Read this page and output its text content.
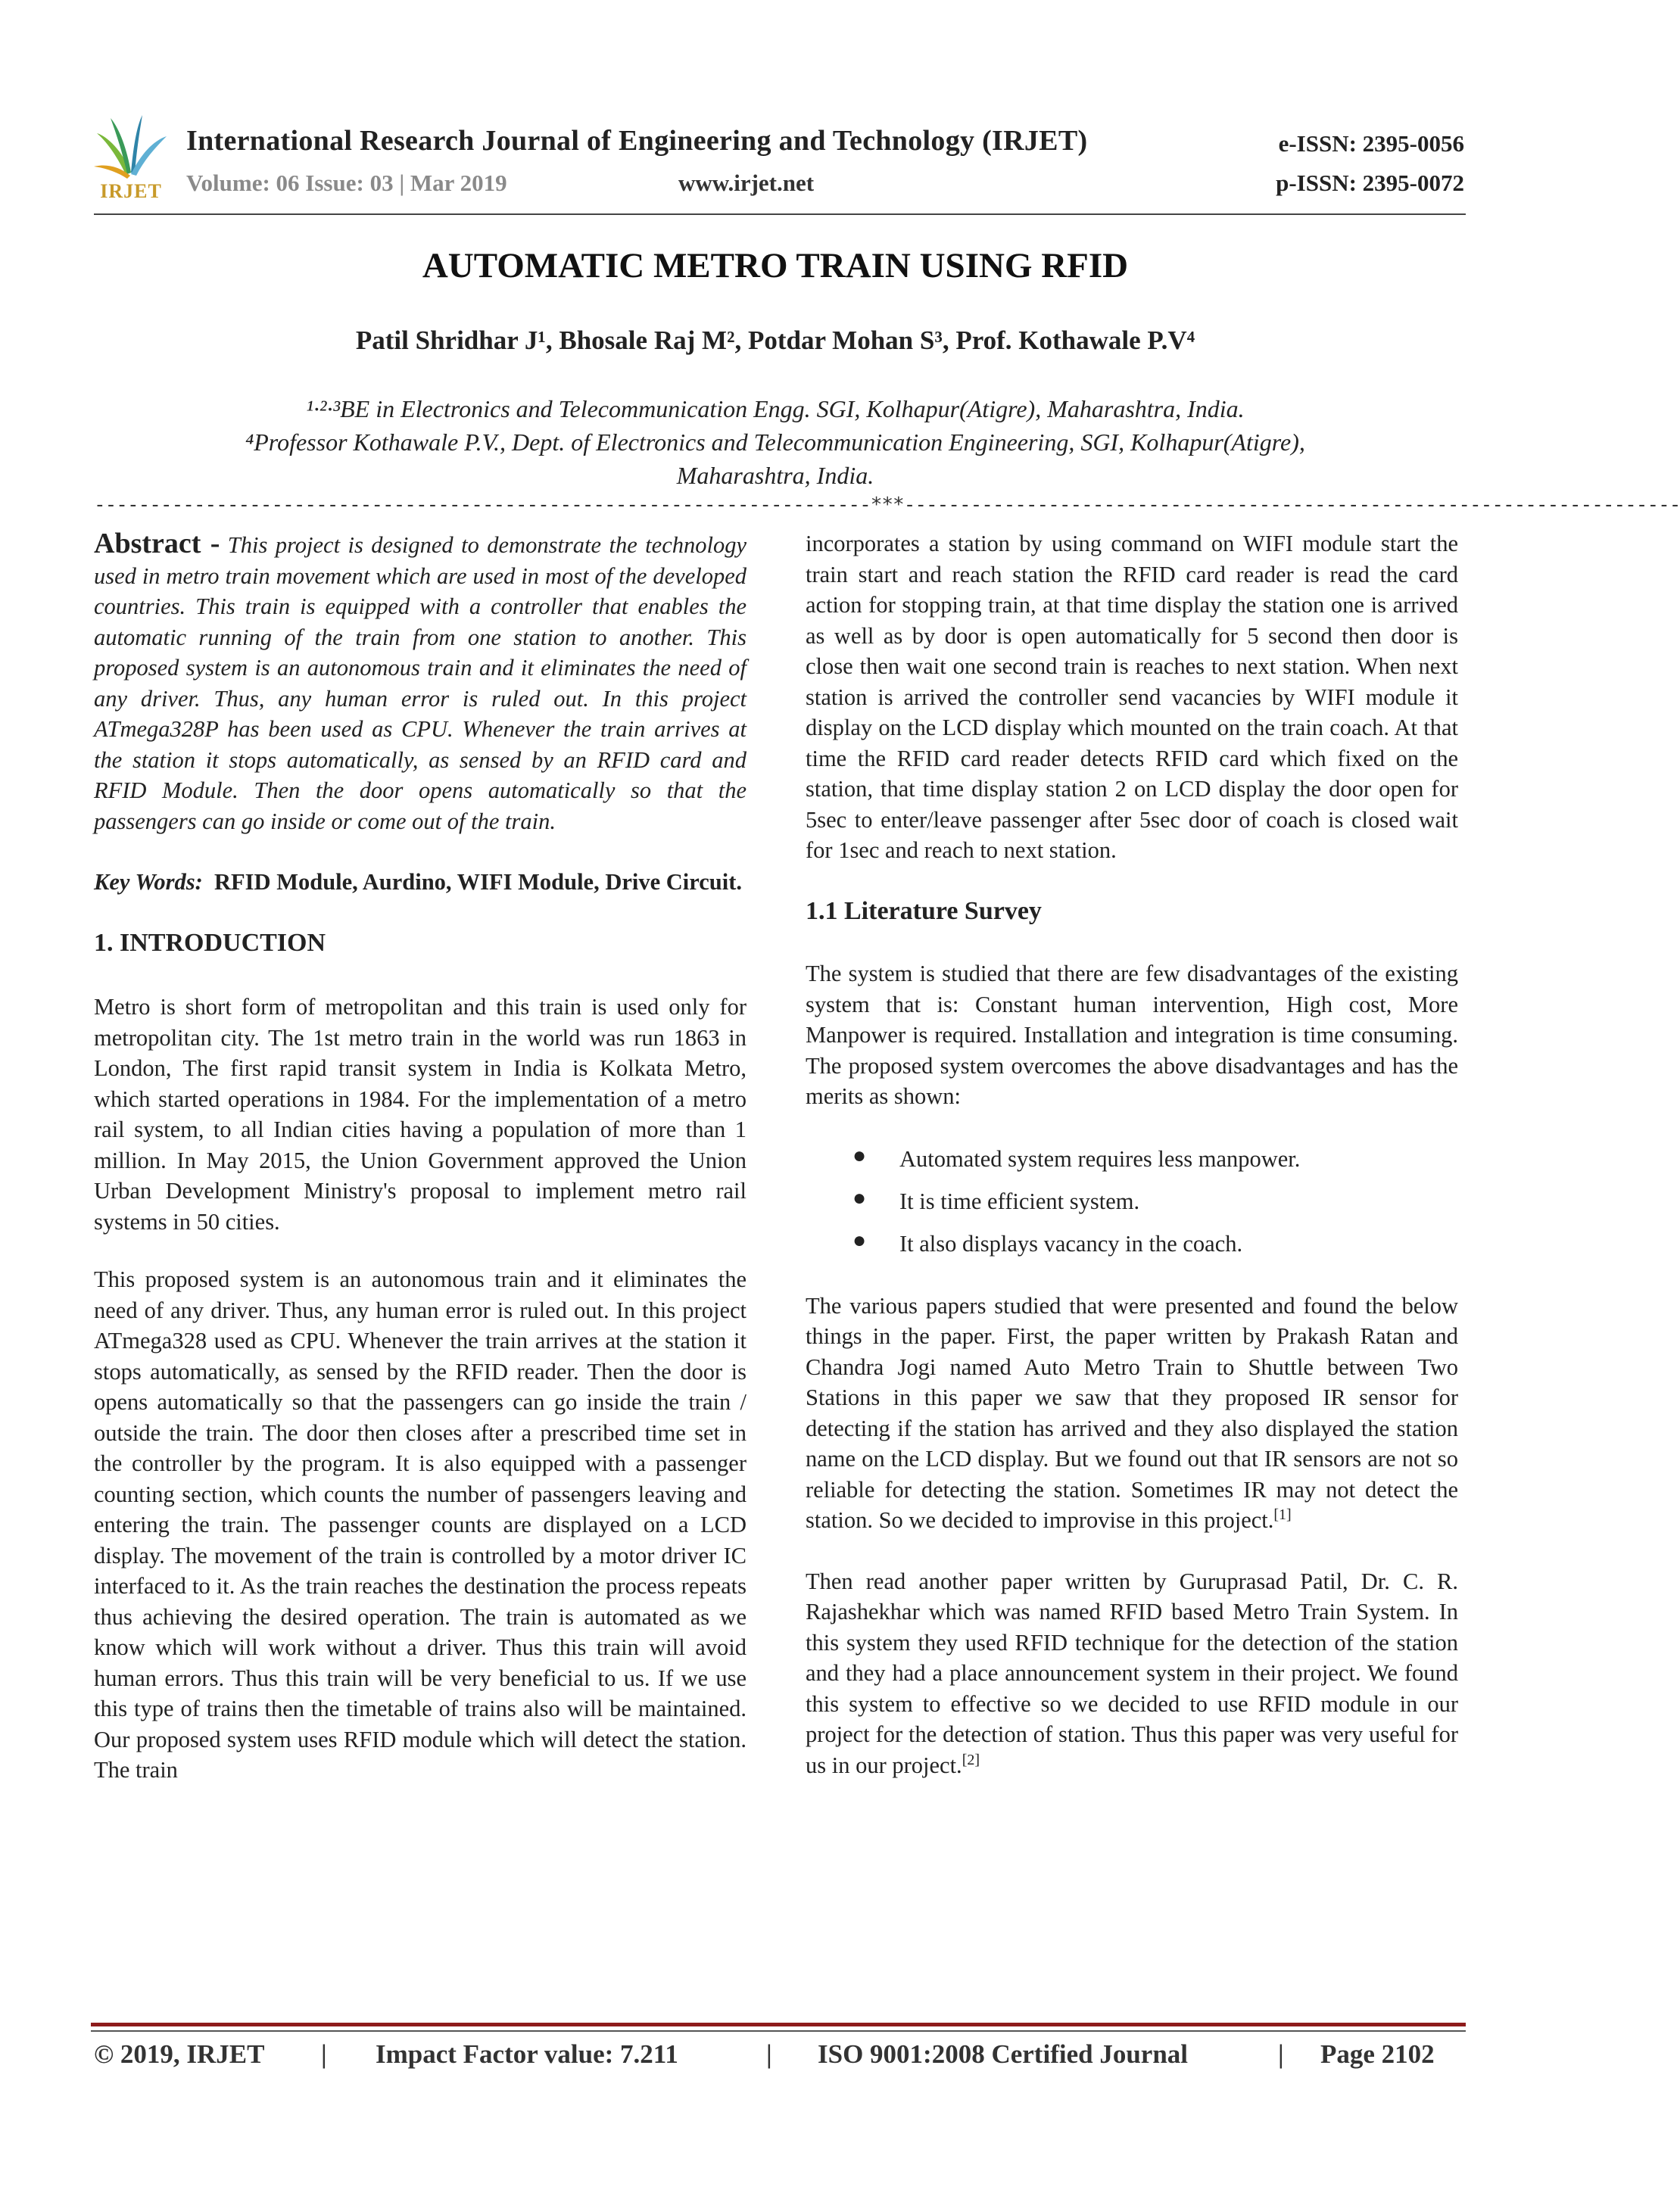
IRJET
International Research Journal of Engineering and Technology (IRJET)
Volume: 06 Issue: 03 | Mar 2019	www.irjet.net
e-ISSN: 2395-0056
p-ISSN: 2395-0072
AUTOMATIC METRO TRAIN USING RFID
Patil Shridhar J¹, Bhosale Raj M², Potdar Mohan S³, Prof. Kothawale P.V⁴
¹·²·³BE in Electronics and Telecommunication Engg. SGI, Kolhapur(Atigre), Maharashtra, India.
⁴Professor Kothawale P.V., Dept. of Electronics and Telecommunication Engineering, SGI, Kolhapur(Atigre),
Maharashtra, India.
----------------------------------------------------------------------***----------------------------------------------------------------------

Abstract - This project is designed to demonstrate the technology used in metro train movement which are used in most of the developed countries. This train is equipped with a controller that enables the automatic running of the train from one station to another. This proposed system is an autonomous train and it eliminates the need of any driver. Thus, any human error is ruled out. In this project ATmega328P has been used as CPU. Whenever the train arrives at the station it stops automatically, as sensed by an RFID card and RFID Module. Then the door opens automatically so that the passengers can go inside or come out of the train.

Key Words: RFID Module, Aurdino, WIFI Module, Drive Circuit.

1. INTRODUCTION

Metro is short form of metropolitan and this train is used only for metropolitan city. The 1st metro train in the world was run 1863 in London, The first rapid transit system in India is Kolkata Metro, which started operations in 1984. For the implementation of a metro rail system, to all Indian cities having a population of more than 1 million. In May 2015, the Union Government approved the Union Urban Development Ministry's proposal to implement metro rail systems in 50 cities.

This proposed system is an autonomous train and it eliminates the need of any driver. Thus, any human error is ruled out. In this project ATmega328 used as CPU. Whenever the train arrives at the station it stops automatically, as sensed by the RFID reader. Then the door is opens automatically so that the passengers can go inside the train / outside the train. The door then closes after a prescribed time set in the controller by the program. It is also equipped with a passenger counting section, which counts the number of passengers leaving and entering the train. The passenger counts are displayed on a LCD display. The movement of the train is controlled by a motor driver IC interfaced to it. As the train reaches the destination the process repeats thus achieving the desired operation. The train is automated as we know which will work without a driver. Thus this train will avoid human errors. Thus this train will be very beneficial to us. If we use this type of trains then the timetable of trains also will be maintained. Our proposed system uses RFID module which will detect the station. The train

incorporates a station by using command on WIFI module start the train start and reach station the RFID card reader is read the card action for stopping train, at that time display the station one is arrived as well as by door is open automatically for 5 second then door is close then wait one second train is reaches to next station. When next station is arrived the controller send vacancies by WIFI module it display on the LCD display which mounted on the train coach. At that time the RFID card reader detects RFID card which fixed on the station, that time display station 2 on LCD display the door open for 5sec to enter/leave passenger after 5sec door of coach is closed wait for 1sec and reach to next station.

1.1 Literature Survey

The system is studied that there are few disadvantages of the existing system that is: Constant human intervention, High cost, More Manpower is required. Installation and integration is time consuming. The proposed system overcomes the above disadvantages and has the merits as shown:

● Automated system requires less manpower.
● It is time efficient system.
● It also displays vacancy in the coach.

The various papers studied that were presented and found the below things in the paper. First, the paper written by Prakash Ratan and Chandra Jogi named Auto Metro Train to Shuttle between Two Stations in this paper we saw that they proposed IR sensor for detecting if the station has arrived and they also displayed the station name on the LCD display. But we found out that IR sensors are not so reliable for detecting the station. Sometimes IR may not detect the station. So we decided to improvise in this project.[1]

Then read another paper written by Guruprasad Patil, Dr. C. R. Rajashekhar which was named RFID based Metro Train System. In this system they used RFID technique for the detection of the station and they had a place announcement system in their project. We found this system to effective so we decided to use RFID module in our project for the detection of station. Thus this paper was very useful for us in our project.[2]

© 2019, IRJET | Impact Factor value: 7.211	| ISO 9001:2008 Certified Journal	| Page 2102
